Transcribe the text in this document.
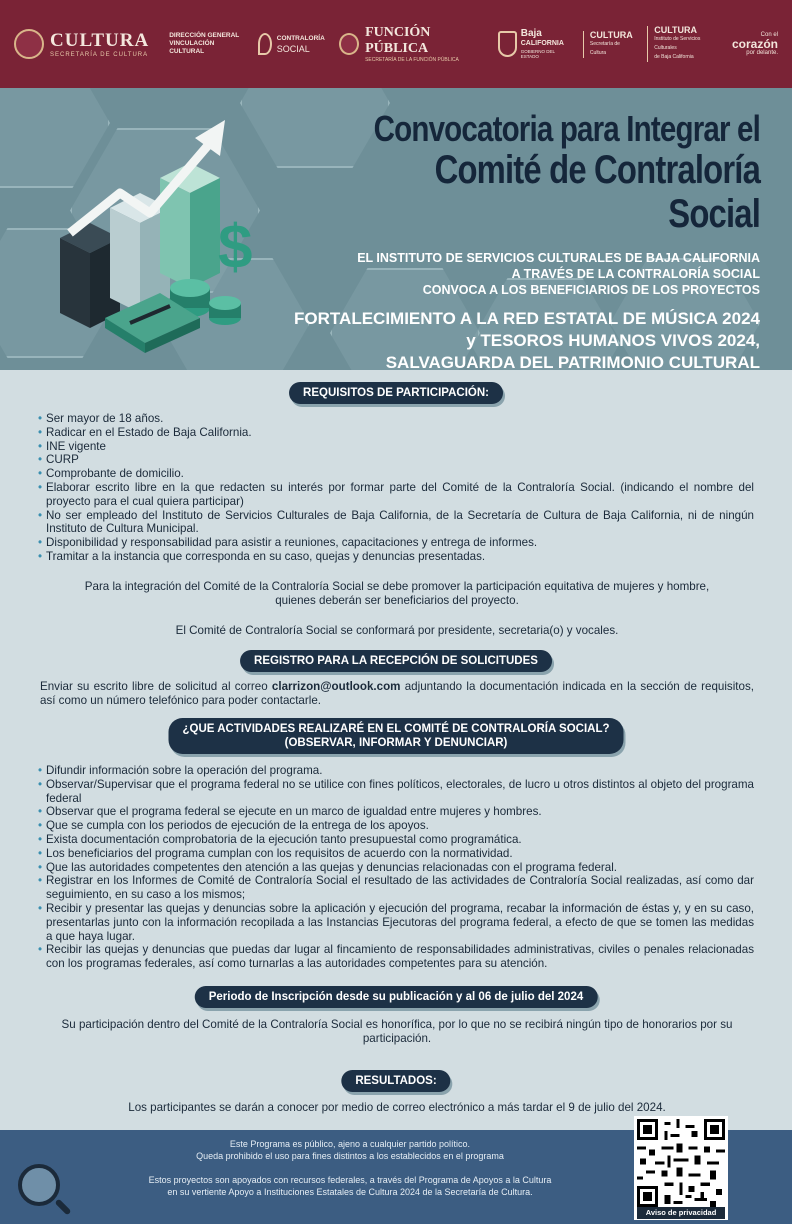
CULTURA
SECRETARÍA DE CULTURA
DIRECCIÓN GENERAL
VINCULACIÓN CULTURAL
CONTRALORÍA
SOCIAL
FUNCIÓN PÚBLICA
SECRETARÍA DE LA FUNCIÓN PÚBLICA
Baja
CALIFORNIA
GOBIERNO DEL ESTADO
CULTURA
Secretaría de Cultura
CULTURA
Instituto de Servicios Culturales
de Baja California
Con el
corazón
por delante.
$
Convocatoria para Integrar el
Comité de Contraloría Social
EL INSTITUTO DE SERVICIOS CULTURALES DE BAJA CALIFORNIA
A TRAVÉS DE LA CONTRALORÍA SOCIAL
CONVOCA A LOS BENEFICIARIOS DE LOS PROYECTOS
FORTALECIMIENTO A LA RED ESTATAL DE MÚSICA 2024
y TESOROS HUMANOS VIVOS 2024,
SALVAGUARDA DEL PATRIMONIO CULTURAL
REQUISITOS DE PARTICIPACIÓN:
• Ser mayor de 18 años.
• Radicar en el Estado de Baja California.
• INE vigente
• CURP
• Comprobante de domicilio.
• Elaborar escrito libre en la que redacten su interés por formar parte del Comité de la Contraloría Social. (indicando el nombre del proyecto para el cual quiera participar)
• No ser empleado del Instituto de Servicios Culturales de Baja California, de la Secretaría de Cultura de Baja California, ni de ningún Instituto de Cultura Municipal.
• Disponibilidad y responsabilidad para asistir a reuniones, capacitaciones y entrega de informes.
• Tramitar a la instancia que corresponda en su caso, quejas y denuncias presentadas.
Para la integración del Comité de la Contraloría Social se debe promover la participación equitativa de mujeres y hombre, quienes deberán ser beneficiarios del proyecto.
El Comité de Contraloría Social se conformará por presidente, secretaria(o) y vocales.
REGISTRO PARA LA RECEPCIÓN DE SOLICITUDES
Enviar su escrito libre de solicitud al correo clarrizon@outlook.com adjuntando la documentación indicada en la sección de requisitos, así como un número telefónico para poder contactarle.
¿QUE ACTIVIDADES REALIZARÉ EN EL COMITÉ DE CONTRALORÍA SOCIAL?
(OBSERVAR, INFORMAR Y DENUNCIAR)
• Difundir información sobre la operación del programa.
• Observar/Supervisar que el programa federal no se utilice con fines políticos, electorales, de lucro u otros distintos al objeto del programa federal
• Observar que el programa federal se ejecute en un marco de igualdad entre mujeres y hombres.
• Que se cumpla con los periodos de ejecución de la entrega de los apoyos.
• Exista documentación comprobatoria de la ejecución tanto presupuestal como programática.
• Los beneficiarios del programa cumplan con los requisitos de acuerdo con la normatividad.
• Que las autoridades competentes den atención a las quejas y denuncias relacionadas con el programa federal.
• Registrar en los Informes de Comité de Contraloría Social el resultado de las actividades de Contraloría Social realizadas, así como dar seguimiento, en su caso a los mismos;
• Recibir y presentar las quejas y denuncias sobre la aplicación y ejecución del programa, recabar la información de éstas y, y en su caso, presentarlas junto con la información recopilada a las Instancias Ejecutoras del programa federal, a efecto de que se tomen las medidas a que haya lugar.
• Recibir las quejas y denuncias que puedas dar lugar al fincamiento de responsabilidades administrativas, civiles o penales relacionadas con los programas federales, así como turnarlas a las autoridades competentes para su atención.
Periodo de Inscripción desde su publicación y al 06 de julio del 2024
Su participación dentro del Comité de la Contraloría Social es honorífica, por lo que no se recibirá ningún tipo de honorarios por su participación.
RESULTADOS:
Los participantes se darán a conocer por medio de correo electrónico a más tardar el 9 de julio del 2024.
Este Programa es público, ajeno a cualquier partido político.
Queda prohibido el uso para fines distintos a los establecidos en el programa
Estos proyectos son apoyados con recursos federales, a través del Programa de Apoyos a la Cultura
en su vertiente Apoyo a Instituciones Estatales de Cultura 2024 de la Secretaría de Cultura.
Aviso de privacidad
